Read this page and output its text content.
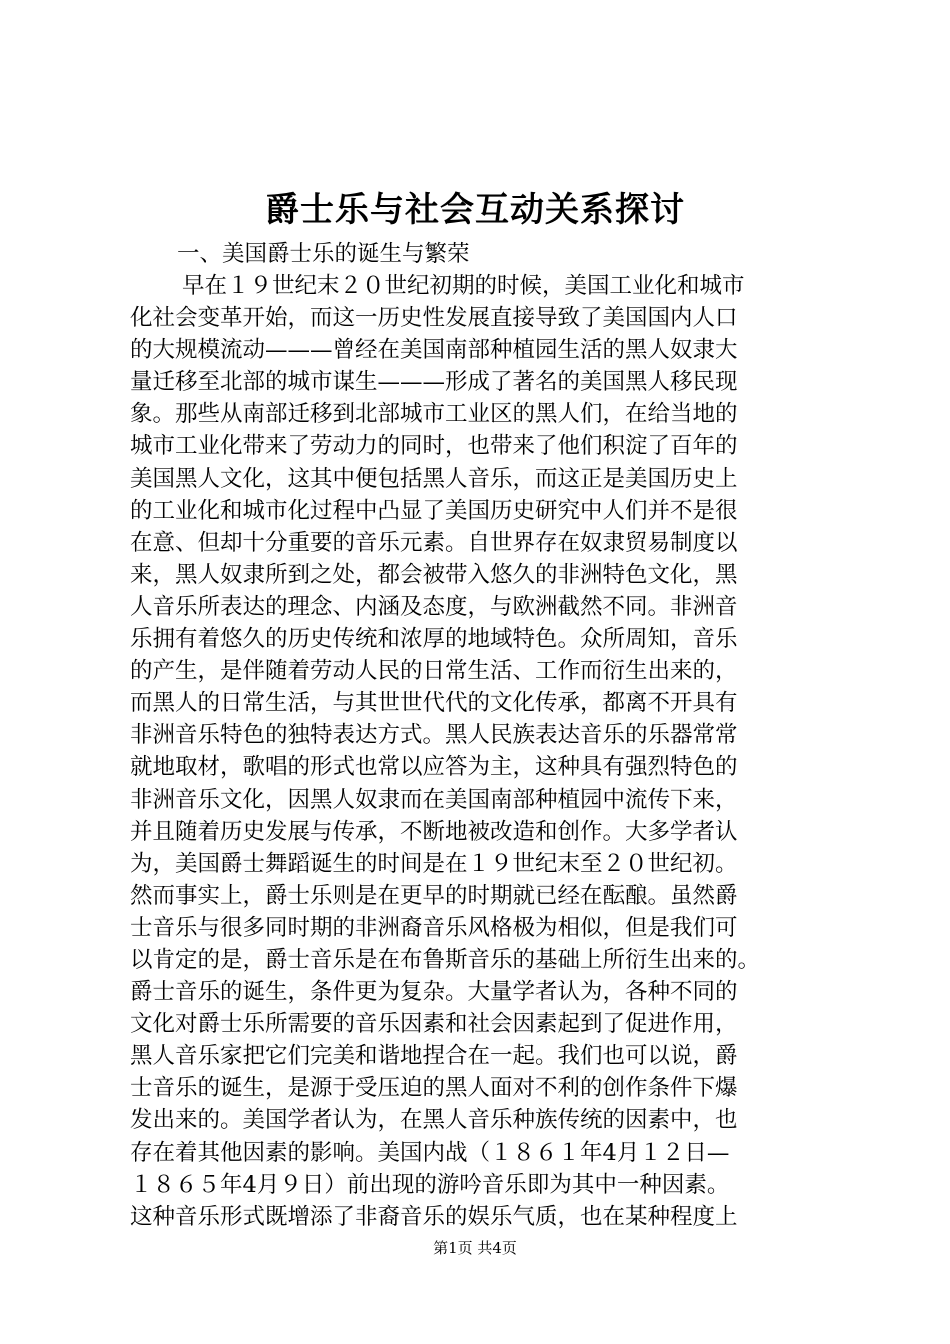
爵士乐与社会互动关系探讨
一、美国爵士乐的诞生与繁荣
早在１９世纪末２０世纪初期的时候，美国工业化和城市
化社会变革开始，而这一历史性发展直接导致了美国国内人口
的大规模流动———曾经在美国南部种植园生活的黑人奴隶大
量迁移至北部的城市谋生———形成了著名的美国黑人移民现
象。那些从南部迁移到北部城市工业区的黑人们，在给当地的
城市工业化带来了劳动力的同时，也带来了他们积淀了百年的
美国黑人文化，这其中便包括黑人音乐，而这正是美国历史上
的工业化和城市化过程中凸显了美国历史研究中人们并不是很
在意、但却十分重要的音乐元素。自世界存在奴隶贸易制度以
来，黑人奴隶所到之处，都会被带入悠久的非洲特色文化，黑
人音乐所表达的理念、内涵及态度，与欧洲截然不同。非洲音
乐拥有着悠久的历史传统和浓厚的地域特色。众所周知，音乐
的产生，是伴随着劳动人民的日常生活、工作而衍生出来的，
而黑人的日常生活，与其世世代代的文化传承，都离不开具有
非洲音乐特色的独特表达方式。黑人民族表达音乐的乐器常常
就地取材，歌唱的形式也常以应答为主，这种具有强烈特色的
非洲音乐文化，因黑人奴隶而在美国南部种植园中流传下来，
并且随着历史发展与传承，不断地被改造和创作。大多学者认
为，美国爵士舞蹈诞生的时间是在１９世纪末至２０世纪初。
然而事实上，爵士乐则是在更早的时期就已经在酝酿。虽然爵
士音乐与很多同时期的非洲裔音乐风格极为相似，但是我们可
以肯定的是，爵士音乐是在布鲁斯音乐的基础上所衍生出来的。
爵士音乐的诞生，条件更为复杂。大量学者认为，各种不同的
文化对爵士乐所需要的音乐因素和社会因素起到了促进作用，
黑人音乐家把它们完美和谐地捏合在一起。我们也可以说，爵
士音乐的诞生，是源于受压迫的黑人面对不利的创作条件下爆
发出来的。美国学者认为，在黑人音乐种族传统的因素中，也
存在着其他因素的影响。美国内战（１８６１年4月１２日—
１８６５年4月９日）前出现的游吟音乐即为其中一种因素。
这种音乐形式既增添了非裔音乐的娱乐气质，也在某种程度上
第1页 共4页
